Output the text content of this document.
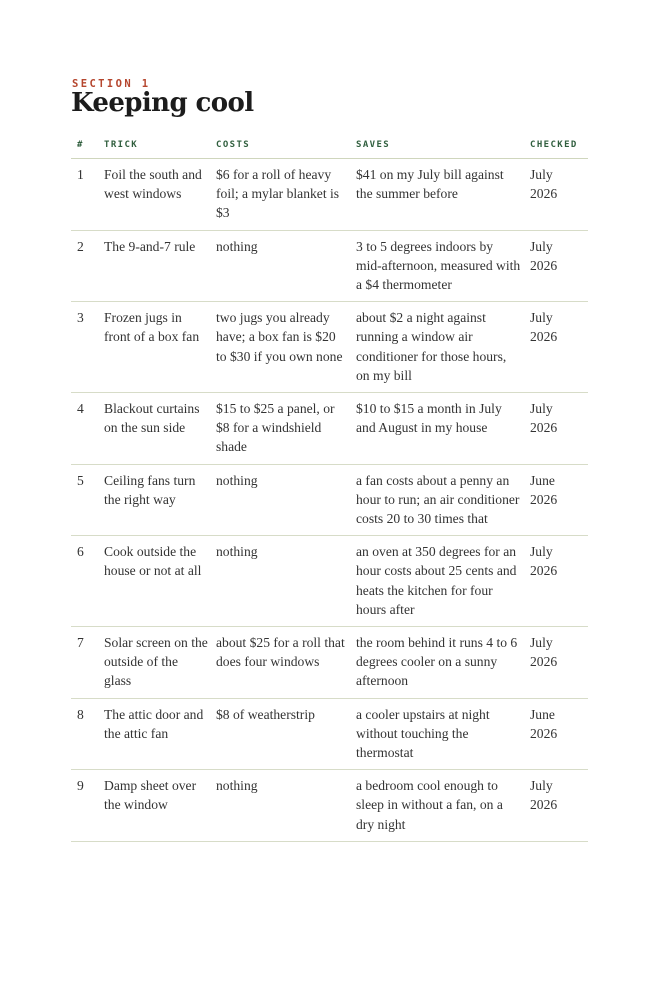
SECTION 1
Keeping cool
#	TRICK	COSTS	SAVES	CHECKED
1	Foil the south and west windows	$6 for a roll of heavy foil; a mylar blanket is $3	$41 on my July bill against the summer before	July 2026
2	The 9-and-7 rule	nothing	3 to 5 degrees indoors by mid-afternoon, measured with a $4 thermometer	July 2026
3	Frozen jugs in front of a box fan	two jugs you already have; a box fan is $20 to $30 if you own none	about $2 a night against running a window air conditioner for those hours, on my bill	July 2026
4	Blackout curtains on the sun side	$15 to $25 a panel, or $8 for a windshield shade	$10 to $15 a month in July and August in my house	July 2026
5	Ceiling fans turn the right way	nothing	a fan costs about a penny an hour to run; an air conditioner costs 20 to 30 times that	June 2026
6	Cook outside the house or not at all	nothing	an oven at 350 degrees for an hour costs about 25 cents and heats the kitchen for four hours after	July 2026
7	Solar screen on the outside of the glass	about $25 for a roll that does four windows	the room behind it runs 4 to 6 degrees cooler on a sunny afternoon	July 2026
8	The attic door and the attic fan	$8 of weatherstrip	a cooler upstairs at night without touching the thermostat	June 2026
9	Damp sheet over the window	nothing	a bedroom cool enough to sleep in without a fan, on a dry night	July 2026
